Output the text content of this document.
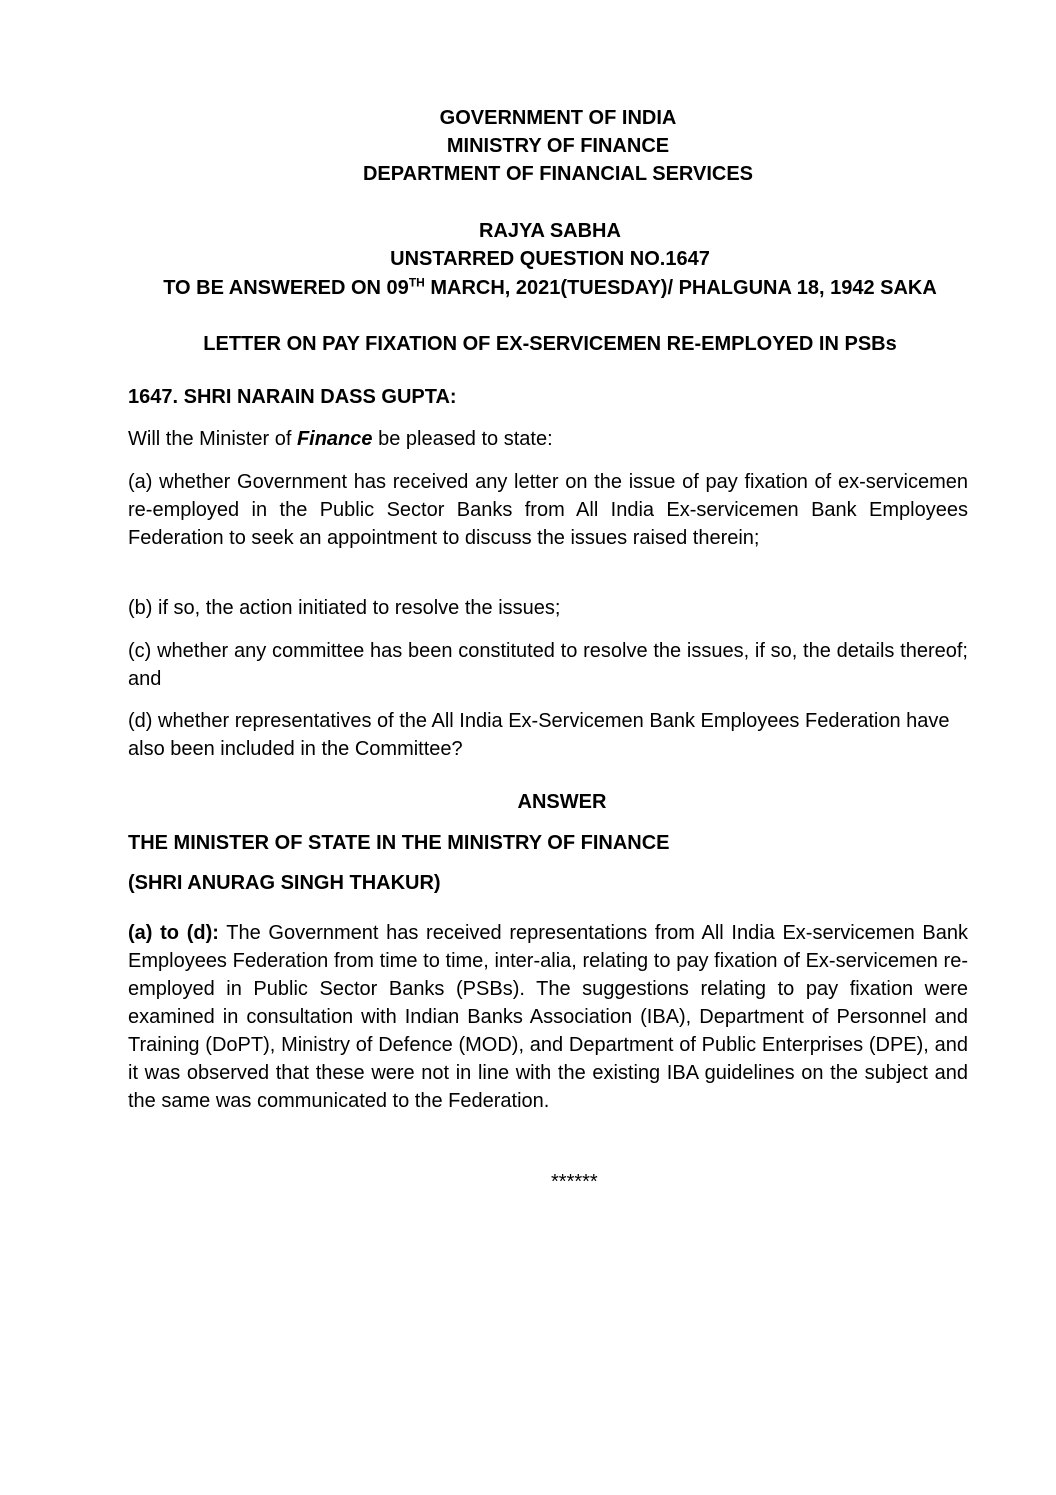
GOVERNMENT OF INDIA
MINISTRY OF FINANCE
DEPARTMENT OF FINANCIAL SERVICES
RAJYA SABHA
UNSTARRED QUESTION NO.1647
TO BE ANSWERED ON 09TH MARCH, 2021(TUESDAY)/ PHALGUNA 18, 1942 SAKA
LETTER ON PAY FIXATION OF EX-SERVICEMEN RE-EMPLOYED IN PSBs
1647. SHRI NARAIN DASS GUPTA:
Will the Minister of Finance be pleased to state:
(a) whether Government has received any letter on the issue of pay fixation of ex-servicemen re-employed in the Public Sector Banks from All India Ex-servicemen Bank Employees Federation to seek an appointment to discuss the issues raised therein;
(b) if so, the action initiated to resolve the issues;
(c) whether any committee has been constituted to resolve the issues, if so, the details thereof; and
(d) whether representatives of the All India Ex-Servicemen Bank Employees Federation have also been included in the Committee?
ANSWER
THE MINISTER OF STATE IN THE MINISTRY OF FINANCE
(SHRI ANURAG SINGH THAKUR)
(a) to (d): The Government has received representations from All India Ex-servicemen Bank Employees Federation from time to time, inter-alia, relating to pay fixation of Ex-servicemen re-employed in Public Sector Banks (PSBs). The suggestions relating to pay fixation were examined in consultation with Indian Banks Association (IBA), Department of Personnel and Training (DoPT), Ministry of Defence (MOD), and Department of Public Enterprises (DPE), and it was observed that these were not in line with the existing IBA guidelines on the subject and the same was communicated to the Federation.
******
